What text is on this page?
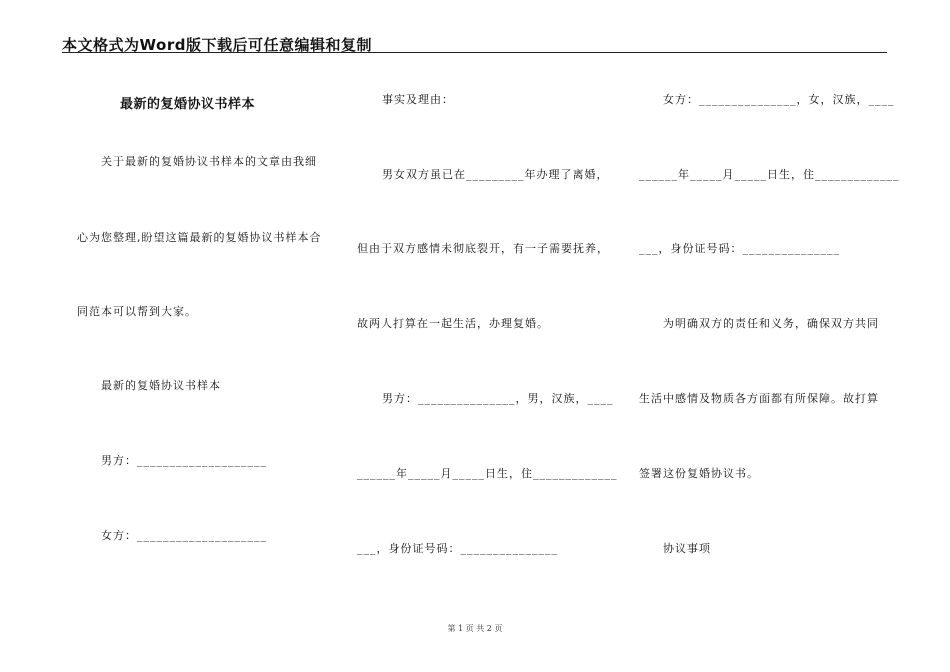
本文格式为Word版下载后可任意编辑和复制
最新的复婚协议书样本
关于最新的复婚协议书样本的文章由我细
心为您整理,盼望这篇最新的复婚协议书样本合
同范本可以帮到大家。
最新的复婚协议书样本
男方：____________________
女方：____________________
事实及理由：
男女双方虽已在_________年办理了离婚，
但由于双方感情未彻底裂开，有一子需要抚养，
故两人打算在一起生活，办理复婚。
男方：_______________，男，汉族，____
______年_____月_____日生，住_____________
___，身份证号码：_______________
女方：_______________，女，汉族，____
______年_____月_____日生，住_____________
___，身份证号码：_______________
为明确双方的责任和义务，确保双方共同
生活中感情及物质各方面都有所保障。故打算
签署这份复婚协议书。
协议事项
第 1 页 共 2 页
